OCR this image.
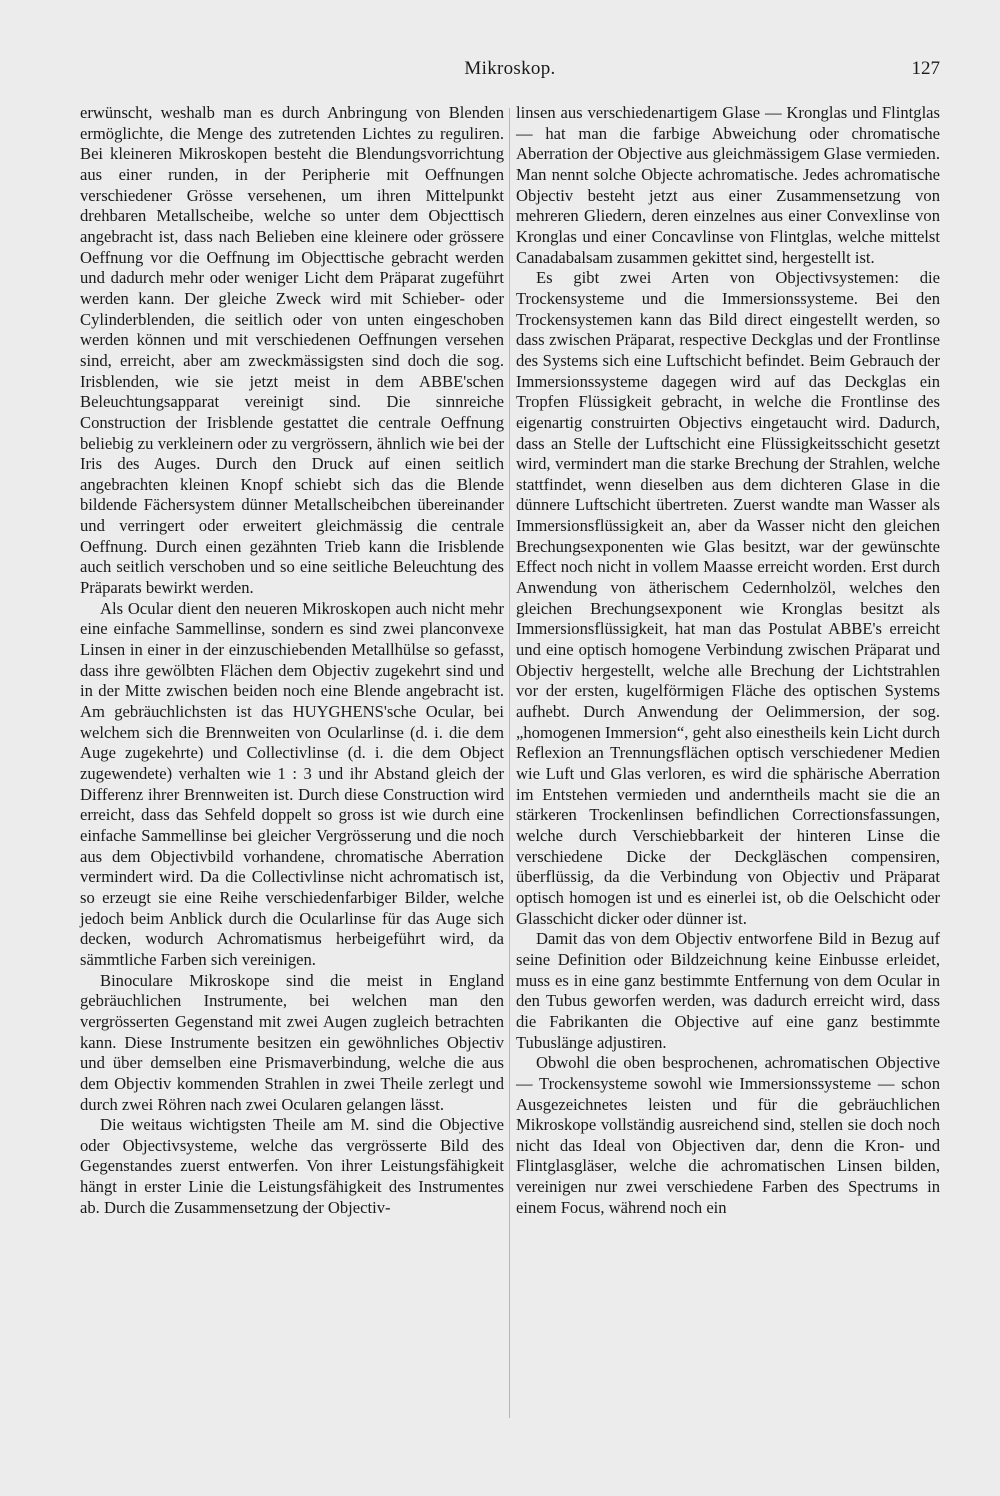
Mikroskop.	127

erwünscht, weshalb man es durch Anbringung von Blenden ermöglichte, die Menge des zutretenden Lichtes zu reguliren. Bei kleineren Mikroskopen besteht die Blendungsvorrichtung aus einer runden, in der Peripherie mit Oeffnungen verschiedener Grösse versehenen, um ihren Mittelpunkt drehbaren Metallscheibe, welche so unter dem Objecttisch angebracht ist, dass nach Belieben eine kleinere oder grössere Oeffnung vor die Oeffnung im Objecttische gebracht werden und dadurch mehr oder weniger Licht dem Präparat zugeführt werden kann. Der gleiche Zweck wird mit Schieber- oder Cylinderblenden, die seitlich oder von unten eingeschoben werden können und mit verschiedenen Oeffnungen versehen sind, erreicht, aber am zweckmässigsten sind doch die sog. Irisblenden, wie sie jetzt meist in dem ABBE'schen Beleuchtungsapparat vereinigt sind. Die sinnreiche Construction der Irisblende gestattet die centrale Oeffnung beliebig zu verkleinern oder zu vergrössern, ähnlich wie bei der Iris des Auges. Durch den Druck auf einen seitlich angebrachten kleinen Knopf schiebt sich das die Blende bildende Fächersystem dünner Metallscheibchen übereinander und verringert oder erweitert gleichmässig die centrale Oeffnung. Durch einen gezähnten Trieb kann die Irisblende auch seitlich verschoben und so eine seitliche Beleuchtung des Präparats bewirkt werden.

Als Ocular dient den neueren Mikroskopen auch nicht mehr eine einfache Sammellinse, sondern es sind zwei planconvexe Linsen in einer in der einzuschiebenden Metallhülse so gefasst, dass ihre gewölbten Flächen dem Objectiv zugekehrt sind und in der Mitte zwischen beiden noch eine Blende angebracht ist. Am gebräuchlichsten ist das HUYGHENS'sche Ocular, bei welchem sich die Brennweiten von Ocularlinse (d. i. die dem Auge zugekehrte) und Collectivlinse (d. i. die dem Object zugewendete) verhalten wie 1 : 3 und ihr Abstand gleich der Differenz ihrer Brennweiten ist. Durch diese Construction wird erreicht, dass das Sehfeld doppelt so gross ist wie durch eine einfache Sammellinse bei gleicher Vergrösserung und die noch aus dem Objectivbild vorhandene, chromatische Aberration vermindert wird. Da die Collectivlinse nicht achromatisch ist, so erzeugt sie eine Reihe verschiedenfarbiger Bilder, welche jedoch beim Anblick durch die Ocularlinse für das Auge sich decken, wodurch Achromatismus herbeigeführt wird, da sämmtliche Farben sich vereinigen.

Binoculare Mikroskope sind die meist in England gebräuchlichen Instrumente, bei welchen man den vergrösserten Gegenstand mit zwei Augen zugleich betrachten kann. Diese Instrumente besitzen ein gewöhnliches Objectiv und über demselben eine Prismaverbindung, welche die aus dem Objectiv kommenden Strahlen in zwei Theile zerlegt und durch zwei Röhren nach zwei Ocularen gelangen lässt.

Die weitaus wichtigsten Theile am M. sind die Objective oder Objectivsysteme, welche das vergrösserte Bild des Gegenstandes zuerst entwerfen. Von ihrer Leistungsfähigkeit hängt in erster Linie die Leistungsfähigkeit des Instrumentes ab. Durch die Zusammensetzung der Objectiv-

linsen aus verschiedenartigem Glase — Kronglas und Flintglas — hat man die farbige Abweichung oder chromatische Aberration der Objective aus gleichmässigem Glase vermieden. Man nennt solche Objecte achromatische. Jedes achromatische Objectiv besteht jetzt aus einer Zusammensetzung von mehreren Gliedern, deren einzelnes aus einer Convexlinse von Kronglas und einer Concavlinse von Flintglas, welche mittelst Canadabalsam zusammen gekittet sind, hergestellt ist.

Es gibt zwei Arten von Objectivsystemen: die Trockensysteme und die Immersionssysteme. Bei den Trockensystemen kann das Bild direct eingestellt werden, so dass zwischen Präparat, respective Deckglas und der Frontlinse des Systems sich eine Luftschicht befindet. Beim Gebrauch der Immersionssysteme dagegen wird auf das Deckglas ein Tropfen Flüssigkeit gebracht, in welche die Frontlinse des eigenartig construirten Objectivs eingetaucht wird. Dadurch, dass an Stelle der Luftschicht eine Flüssigkeitsschicht gesetzt wird, vermindert man die starke Brechung der Strahlen, welche stattfindet, wenn dieselben aus dem dichteren Glase in die dünnere Luftschicht übertreten. Zuerst wandte man Wasser als Immersionsflüssigkeit an, aber da Wasser nicht den gleichen Brechungsexponenten wie Glas besitzt, war der gewünschte Effect noch nicht in vollem Maasse erreicht worden. Erst durch Anwendung von ätherischem Cedernholzöl, welches den gleichen Brechungsexponent wie Kronglas besitzt als Immersionsflüssigkeit, hat man das Postulat ABBE's erreicht und eine optisch homogene Verbindung zwischen Präparat und Objectiv hergestellt, welche alle Brechung der Lichtstrahlen vor der ersten, kugelförmigen Fläche des optischen Systems aufhebt. Durch Anwendung der Oelimmersion, der sog. „homogenen Immersion“, geht also einestheils kein Licht durch Reflexion an Trennungsflächen optisch verschiedener Medien wie Luft und Glas verloren, es wird die sphärische Aberration im Entstehen vermieden und anderntheils macht sie die an stärkeren Trockenlinsen befindlichen Correctionsfassungen, welche durch Verschiebbarkeit der hinteren Linse die verschiedene Dicke der Deckgläschen compensiren, überflüssig, da die Verbindung von Objectiv und Präparat optisch homogen ist und es einerlei ist, ob die Oelschicht oder Glasschicht dicker oder dünner ist.

Damit das von dem Objectiv entworfene Bild in Bezug auf seine Definition oder Bildzeichnung keine Einbusse erleidet, muss es in eine ganz bestimmte Entfernung von dem Ocular in den Tubus geworfen werden, was dadurch erreicht wird, dass die Fabrikanten die Objective auf eine ganz bestimmte Tubuslänge adjustiren.

Obwohl die oben besprochenen, achromatischen Objective — Trockensysteme sowohl wie Immersionssysteme — schon Ausgezeichnetes leisten und für die gebräuchlichen Mikroskope vollständig ausreichend sind, stellen sie doch noch nicht das Ideal von Objectiven dar, denn die Kron- und Flintglasgläser, welche die achromatischen Linsen bilden, vereinigen nur zwei verschiedene Farben des Spectrums in einem Focus, während noch ein
